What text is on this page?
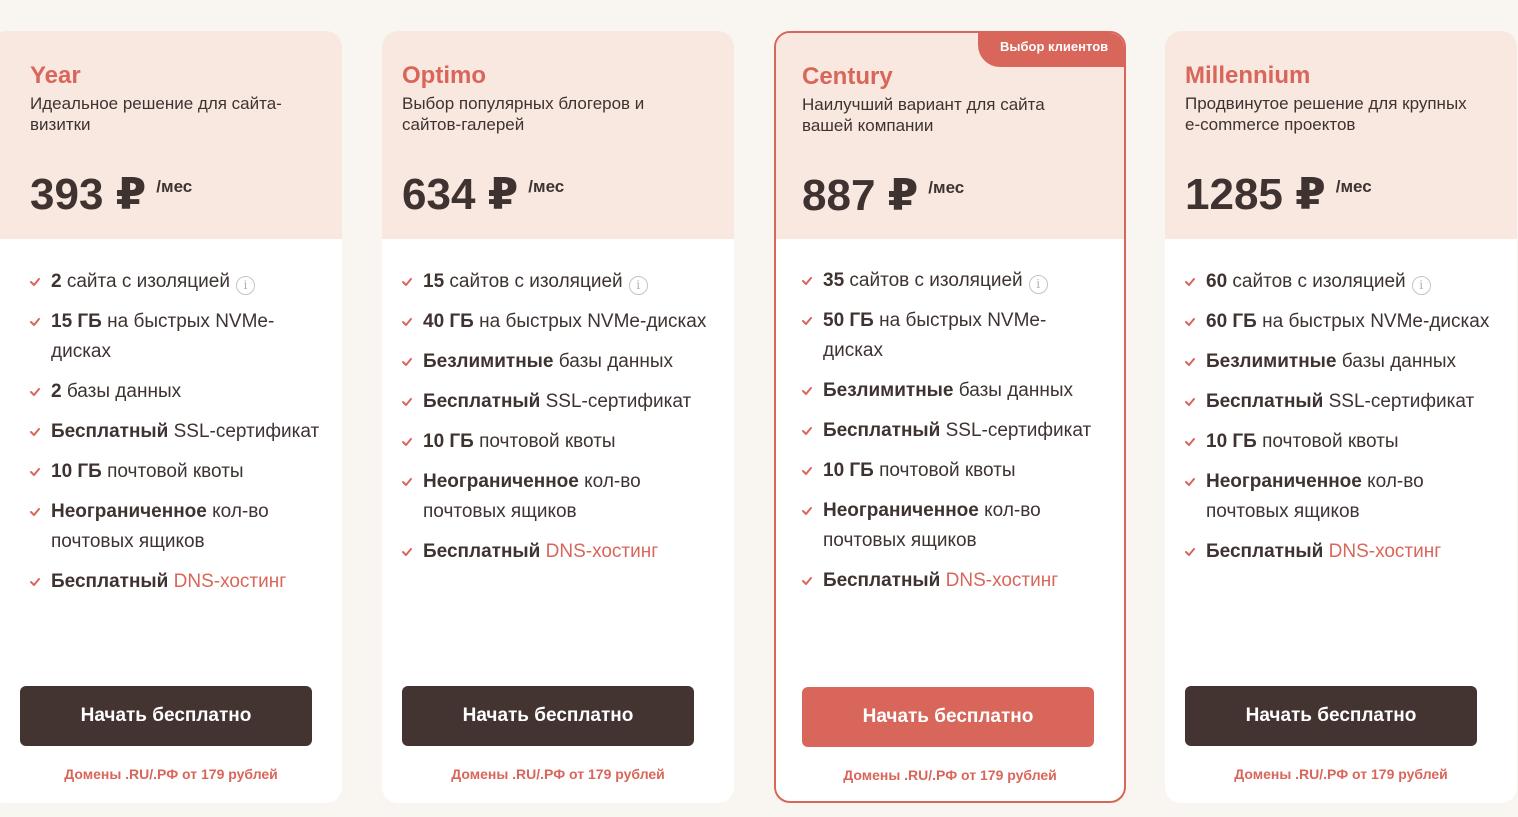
Year
Идеальное решение для сайта-визитки
393 ₽ /мес
2 сайта с изоляцией i
15 ГБ на быстрых NVMe-дисках
2 базы данных
Бесплатный SSL-сертификат
10 ГБ почтовой квоты
Неограниченное кол-во почтовых ящиков
Бесплатный DNS-хостинг
Начать бесплатно
Домены .RU/.РФ от 179 рублей
Optimo
Выбор популярных блогеров и сайтов-галерей
634 ₽ /мес
15 сайтов с изоляцией i
40 ГБ на быстрых NVMe-дисках
Безлимитные базы данных
Бесплатный SSL-сертификат
10 ГБ почтовой квоты
Неограниченное кол-во почтовых ящиков
Бесплатный DNS-хостинг
Начать бесплатно
Домены .RU/.РФ от 179 рублей
Выбор клиентов
Century
Наилучший вариант для сайта вашей компании
887 ₽ /мес
35 сайтов с изоляцией i
50 ГБ на быстрых NVMe-дисках
Безлимитные базы данных
Бесплатный SSL-сертификат
10 ГБ почтовой квоты
Неограниченное кол-во почтовых ящиков
Бесплатный DNS-хостинг
Начать бесплатно
Домены .RU/.РФ от 179 рублей
Millennium
Продвинутое решение для крупных e-commerce проектов
1285 ₽ /мес
60 сайтов с изоляцией i
60 ГБ на быстрых NVMe-дисках
Безлимитные базы данных
Бесплатный SSL-сертификат
10 ГБ почтовой квоты
Неограниченное кол-во почтовых ящиков
Бесплатный DNS-хостинг
Начать бесплатно
Домены .RU/.РФ от 179 рублей
